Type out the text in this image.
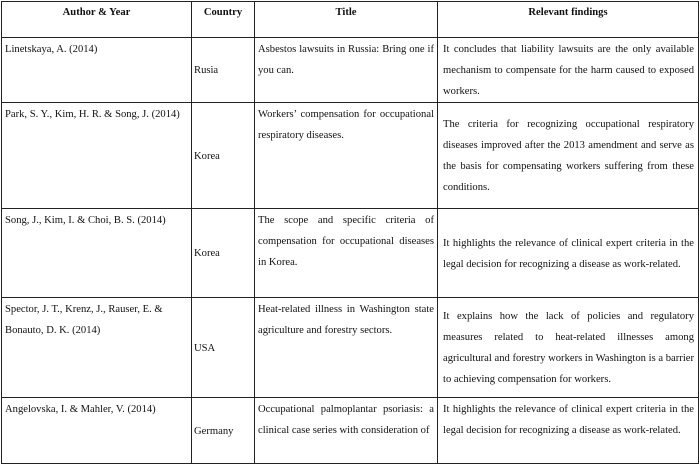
Author & Year	Country	Title	Relevant findings
Linetskaya, A. (2014)	Rusia	Asbestos lawsuits in Russia: Bring one if you can.	It concludes that liability lawsuits are the only available mechanism to compensate for the harm caused to exposed workers.
Park, S. Y., Kim, H. R. & Song, J. (2014)	Korea	Workers’ compensation for occupational respiratory diseases.	The criteria for recognizing occupational respiratory diseases improved after the 2013 amendment and serve as the basis for compensating workers suffering from these conditions.
Song, J., Kim, I. & Choi, B. S. (2014)	Korea	The scope and specific criteria of compensation for occupational diseases in Korea.	It highlights the relevance of clinical expert criteria in the legal decision for recognizing a disease as work-related.
Spector, J. T., Krenz, J., Rauser, E. & Bonauto, D. K. (2014)	USA	Heat-related illness in Washington state agriculture and forestry sectors.	It explains how the lack of policies and regulatory measures related to heat-related illnesses among agricultural and forestry workers in Washington is a barrier to achieving compensation for workers.
Angelovska, I. & Mahler, V. (2014)	Germany	Occupational palmoplantar psoriasis: a clinical case series with consideration of	It highlights the relevance of clinical expert criteria in the legal decision for recognizing a disease as work-related.
